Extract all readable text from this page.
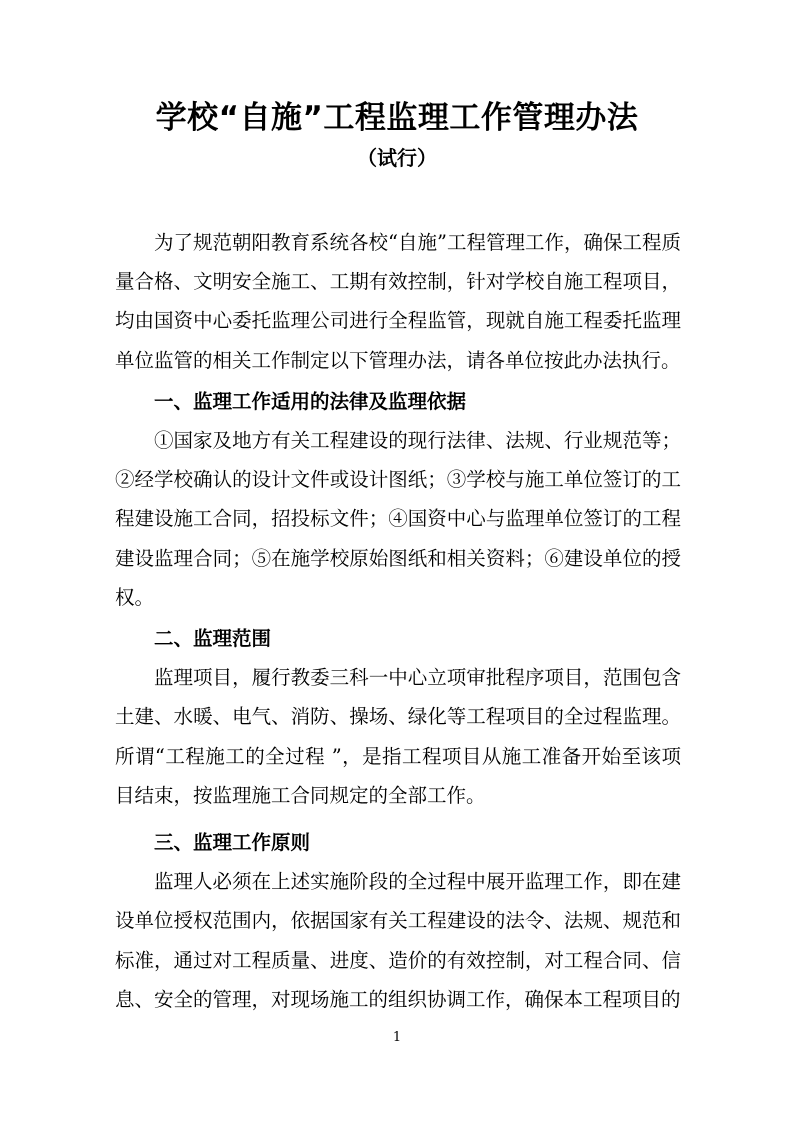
学校“自施”工程监理工作管理办法
（试行）

为了规范朝阳教育系统各校“自施”工程管理工作，确保工程质量合格、文明安全施工、工期有效控制，针对学校自施工程项目，均由国资中心委托监理公司进行全程监管，现就自施工程委托监理单位监管的相关工作制定以下管理办法，请各单位按此办法执行。

一、监理工作适用的法律及监理依据

①国家及地方有关工程建设的现行法律、法规、行业规范等；②经学校确认的设计文件或设计图纸；③学校与施工单位签订的工程建设施工合同，招投标文件；④国资中心与监理单位签订的工程建设监理合同；⑤在施学校原始图纸和相关资料；⑥建设单位的授权。

二、监理范围

监理项目，履行教委三科一中心立项审批程序项目，范围包含土建、水暖、电气、消防、操场、绿化等工程项目的全过程监理。所谓“工程施工的全过程 ”，是指工程项目从施工准备开始至该项目结束，按监理施工合同规定的全部工作。

三、监理工作原则

监理人必须在上述实施阶段的全过程中展开监理工作，即在建设单位授权范围内，依据国家有关工程建设的法令、法规、规范和标准，通过对工程质量、进度、造价的有效控制，对工程合同、信息、安全的管理，对现场施工的组织协调工作，确保本工程项目的

1
